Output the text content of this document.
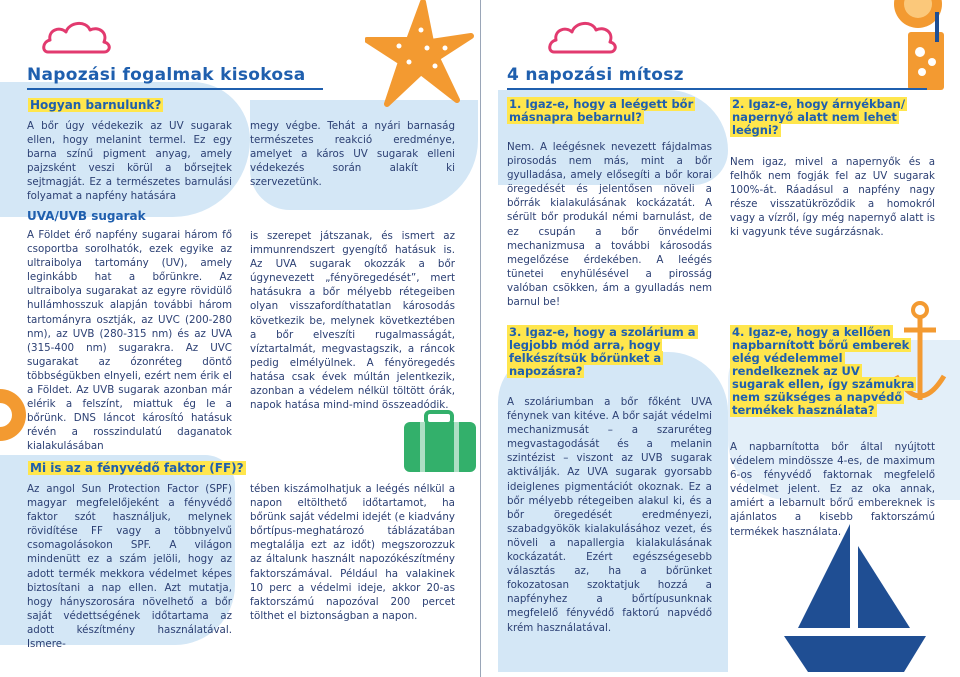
Napozási fogalmak kisokosa
Hogyan barnulunk?
A bőr úgy védekezik az UV sugarak ellen, hogy melanint termel. Ez egy barna színű pigment anyag, amely pajzsként veszi körül a bőrsejtek sejtmagját. Ez a természetes barnulási folyamat a napfény hatására
UVA/UVB sugarak
A Földet érő napfény sugarai három fő csoportba sorolhatók, ezek egyike az ultraibolya tartomány (UV), amely leginkább hat a bőrünkre. Az ultraibolya sugarakat az egyre rövidülő hullámhosszuk alapján további három tartományra osztják, az UVC (200-280 nm), az UVB (280-315 nm) és az UVA (315-400 nm) sugarakra. Az UVC sugarakat az ózonréteg döntő többségükben elnyeli, ezért nem érik el a Földet. Az UVB sugarak azonban már elérik a felszínt, miattuk ég le a bőrünk. DNS láncot károsító hatásuk révén a rosszindulatú daganatok kialakulásában
Mi is az a fényvédő faktor (FF)?
Az angol Sun Protection Factor (SPF) magyar megfelelőjeként a fényvédő faktor szót használjuk, melynek rövidítése FF vagy a többnyelvű csomagolásokon SPF. A világon mindenütt ez a szám jelöli, hogy az adott termék mekkora védelmet képes biztosítani a nap ellen. Azt mutatja, hogy hányszorosára növelhető a bőr saját védettségének időtartama az adott készítmény használatával. Ismere-
megy végbe. Tehát a nyári barnaság természetes reakció eredménye, amelyet a káros UV sugarak elleni védekezés során alakít ki szervezetünk.
is szerepet játszanak, és ismert az immunrendszert gyengítő hatásuk is. Az UVA sugarak okozzák a bőr úgynevezett „fényöregedését”, mert hatásukra a bőr mélyebb rétegeiben olyan visszafordíthatatlan károsodás következik be, melynek következtében a bőr elveszíti rugalmasságát, víztartalmát, megvastagszik, a ráncok pedig elmélyülnek. A fényöregedés hatása csak évek múltán jelentkezik, azonban a védelem nélkül töltött órák, napok hatása mind-mind összeadódik.
tében kiszámolhatjuk a leégés nélkül a napon eltölthető időtartamot, ha bőrünk saját védelmi idejét (e kiadvány bőrtípus-meghatározó táblázatában megtalálja ezt az időt) megszorozzuk az általunk használt napozókészítmény faktorszámával. Például ha valakinek 10 perc a védelmi ideje, akkor 20-as faktorszámú napozóval 200 percet tölthet el biztonságban a napon.
4 napozási mítosz
1. Igaz-e, hogy a leégett bőr másnapra bebarnul?
Nem. A leégésnek nevezett fájdalmas pirosodás nem más, mint a bőr gyulladása, amely elősegíti a bőr korai öregedését és jelentősen növeli a bőrrák kialakulásának kockázatát. A sérült bőr produkál némi barnulást, de ez csupán a bőr önvédelmi mechanizmusa a további károsodás megelőzése érdekében. A leégés tünetei enyhülésével a pirosság valóban csökken, ám a gyulladás nem barnul be!
2. Igaz-e, hogy árnyékban/ napernyő alatt nem lehet leégni?
Nem igaz, mivel a napernyők és a felhők nem fogják fel az UV sugarak 100%-át. Ráadásul a napfény nagy része visszatükröződik a homokról vagy a vízről, így még napernyő alatt is ki vagyunk téve sugárzásnak.
3. Igaz-e, hogy a szolárium a legjobb mód arra, hogy felkészítsük bőrünket a napozásra?
A szoláriumban a bőr főként UVA fénynek van kitéve. A bőr saját védelmi mechanizmusát – a szaruréteg megvastagodását és a melanin szintézist – viszont az UVB sugarak aktiválják. Az UVA sugarak gyorsabb ideiglenes pigmentációt okoznak. Ez a bőr mélyebb rétegeiben alakul ki, és a bőr öregedését eredményezi, szabadgyökök kialakulásához vezet, és növeli a napallergia kialakulásának kockázatát. Ezért egészségesebb választás az, ha a bőrünket fokozatosan szoktatjuk hozzá a napfényhez a bőrtípusunknak megfelelő fényvédő faktorú napvédő krém használatával.
4. Igaz-e, hogy a kellően napbarnított bőrű emberek elég védelemmel rendelkeznek az UV sugarak ellen, így számukra nem szükséges a napvédő termékek használata?
A napbarnította bőr által nyújtott védelem mindössze 4-es, de maximum 6-os fényvédő faktornak megfelelő védelmet jelent. Ez az oka annak, amiért a lebarnult bőrű embereknek is ajánlatos a kisebb faktorszámú termékek használata.
